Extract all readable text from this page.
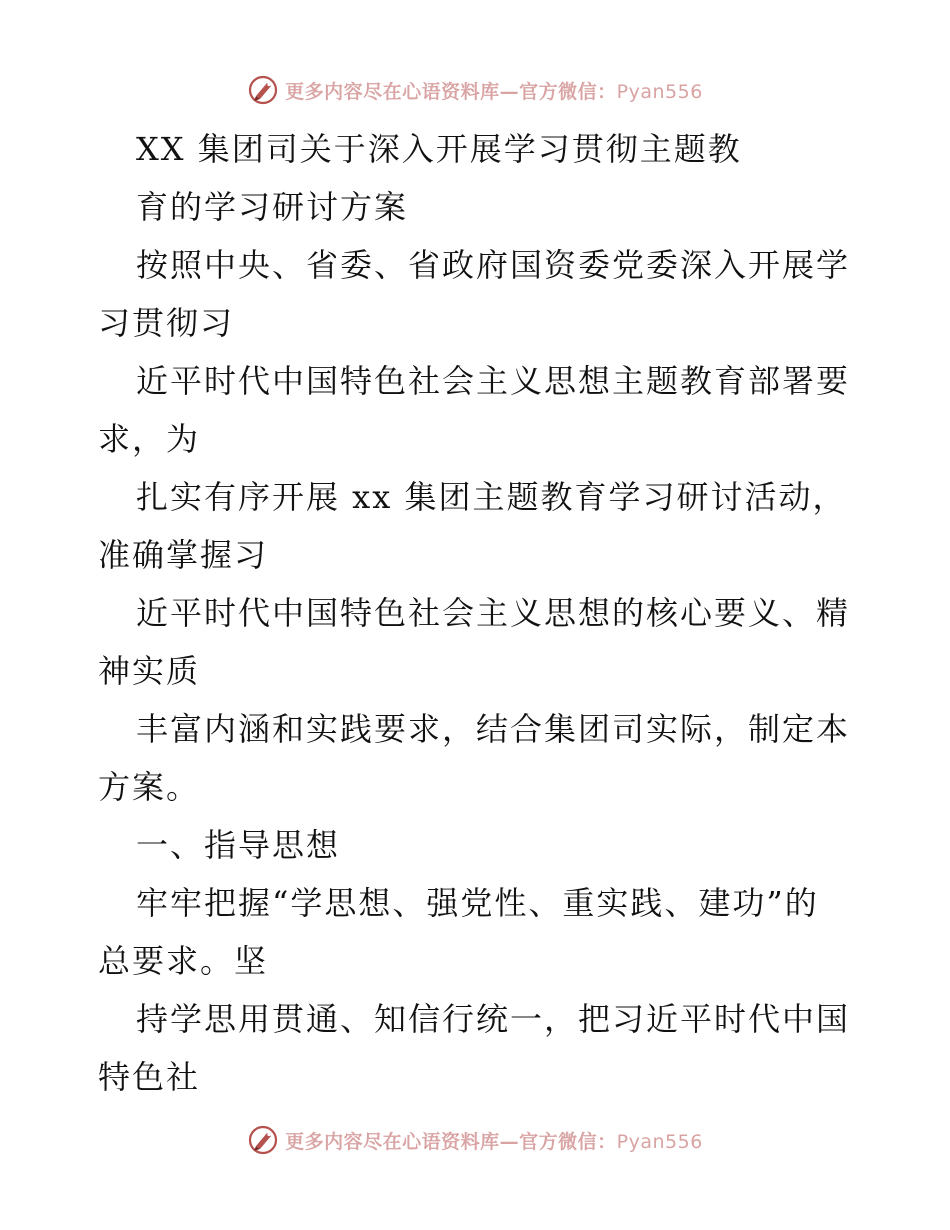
更多内容尽在心语资料库—官方微信：Pyan556
XX 集团司关于深入开展学习贯彻主题教
育的学习研讨方案
按照中央、省委、省政府国资委党委深入开展学
习贯彻习
近平时代中国特色社会主义思想主题教育部署要
求，为
扎实有序开展 xx 集团主题教育学习研讨活动，
准确掌握习
近平时代中国特色社会主义思想的核心要义、精
神实质
丰富内涵和实践要求，结合集团司实际，制定本
方案。
一、指导思想
牢牢把握“学思想、强党性、重实践、建功”的
总要求。坚
持学思用贯通、知信行统一，把习近平时代中国
特色社
更多内容尽在心语资料库—官方微信：Pyan556
